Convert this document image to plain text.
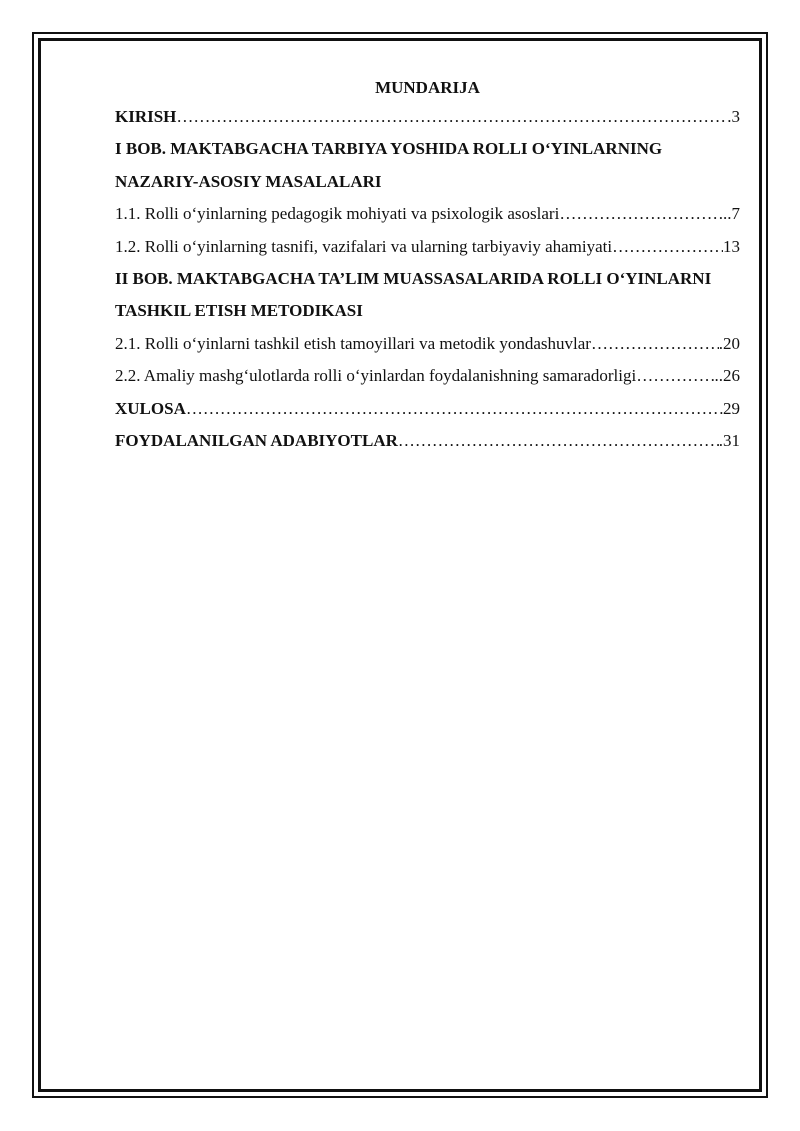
MUNDARIJA
KIRISH ……………………………………………………………………………………………………………………………………	.3
I BOB. MAKTABGACHA TARBIYA YOSHIDA ROLLI O‘YINLARNING NAZARIY-ASOSIY MASALALARI
1.1. Rolli o‘yinlarning pedagogik mohiyati va psixologik asoslari ……………………………………………………………………………………………………………………………………	...7
1.2. Rolli o‘yinlarning tasnifi, vazifalari va ularning tarbiyaviy ahamiyati ……………………………………………………………………………………………………………………………………	13
II BOB. MAKTABGACHA TA’LIM MUASSASALARIDA ROLLI O‘YINLARNI TASHKIL ETISH METODIKASI
2.1. Rolli o‘yinlarni tashkil etish tamoyillari va metodik yondashuvlar ……………………………………………………………………………………………………………………………………	.20
2.2. Amaliy mashg‘ulotlarda rolli o‘yinlardan foydalanishning samaradorligi ……………………………………………………………………………………………………………………………………	..26
XULOSA ……………………………………………………………………………………………………………………………………	29
FOYDALANILGAN ADABIYOTLAR ……………………………………………………………………………………………………………………………………	.31
